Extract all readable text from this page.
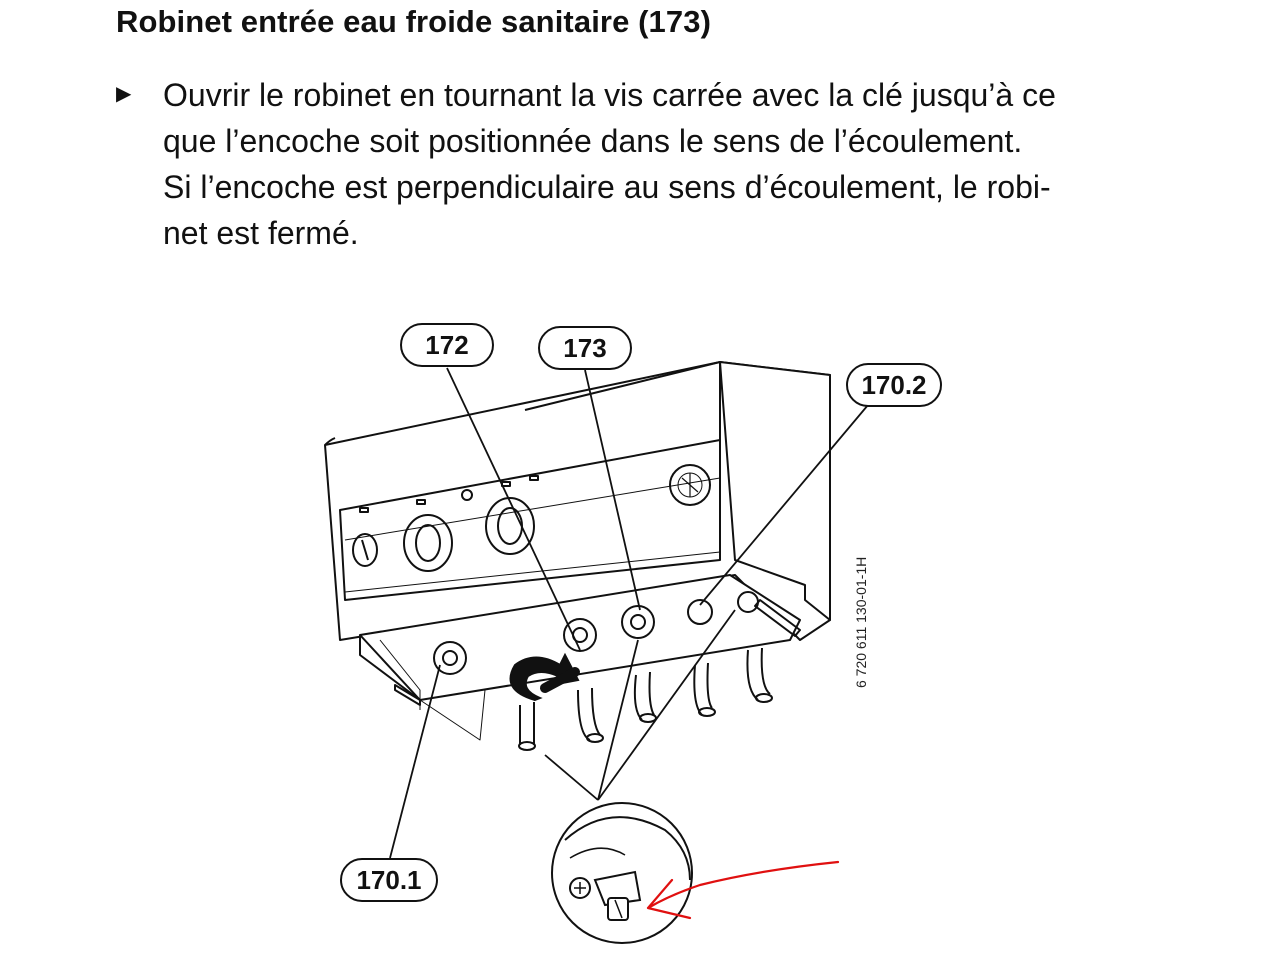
Robinet entrée eau froide sanitaire (173)
▶ Ouvrir le robinet en tournant la vis carrée avec la clé jusqu’à ce
que l’encoche soit positionnée dans le sens de l’écoulement.
Si l’encoche est perpendiculaire au sens d’écoulement, le robi-
net est fermé.

172	173
170.2
170.1
6 720 611 130-01-1H
